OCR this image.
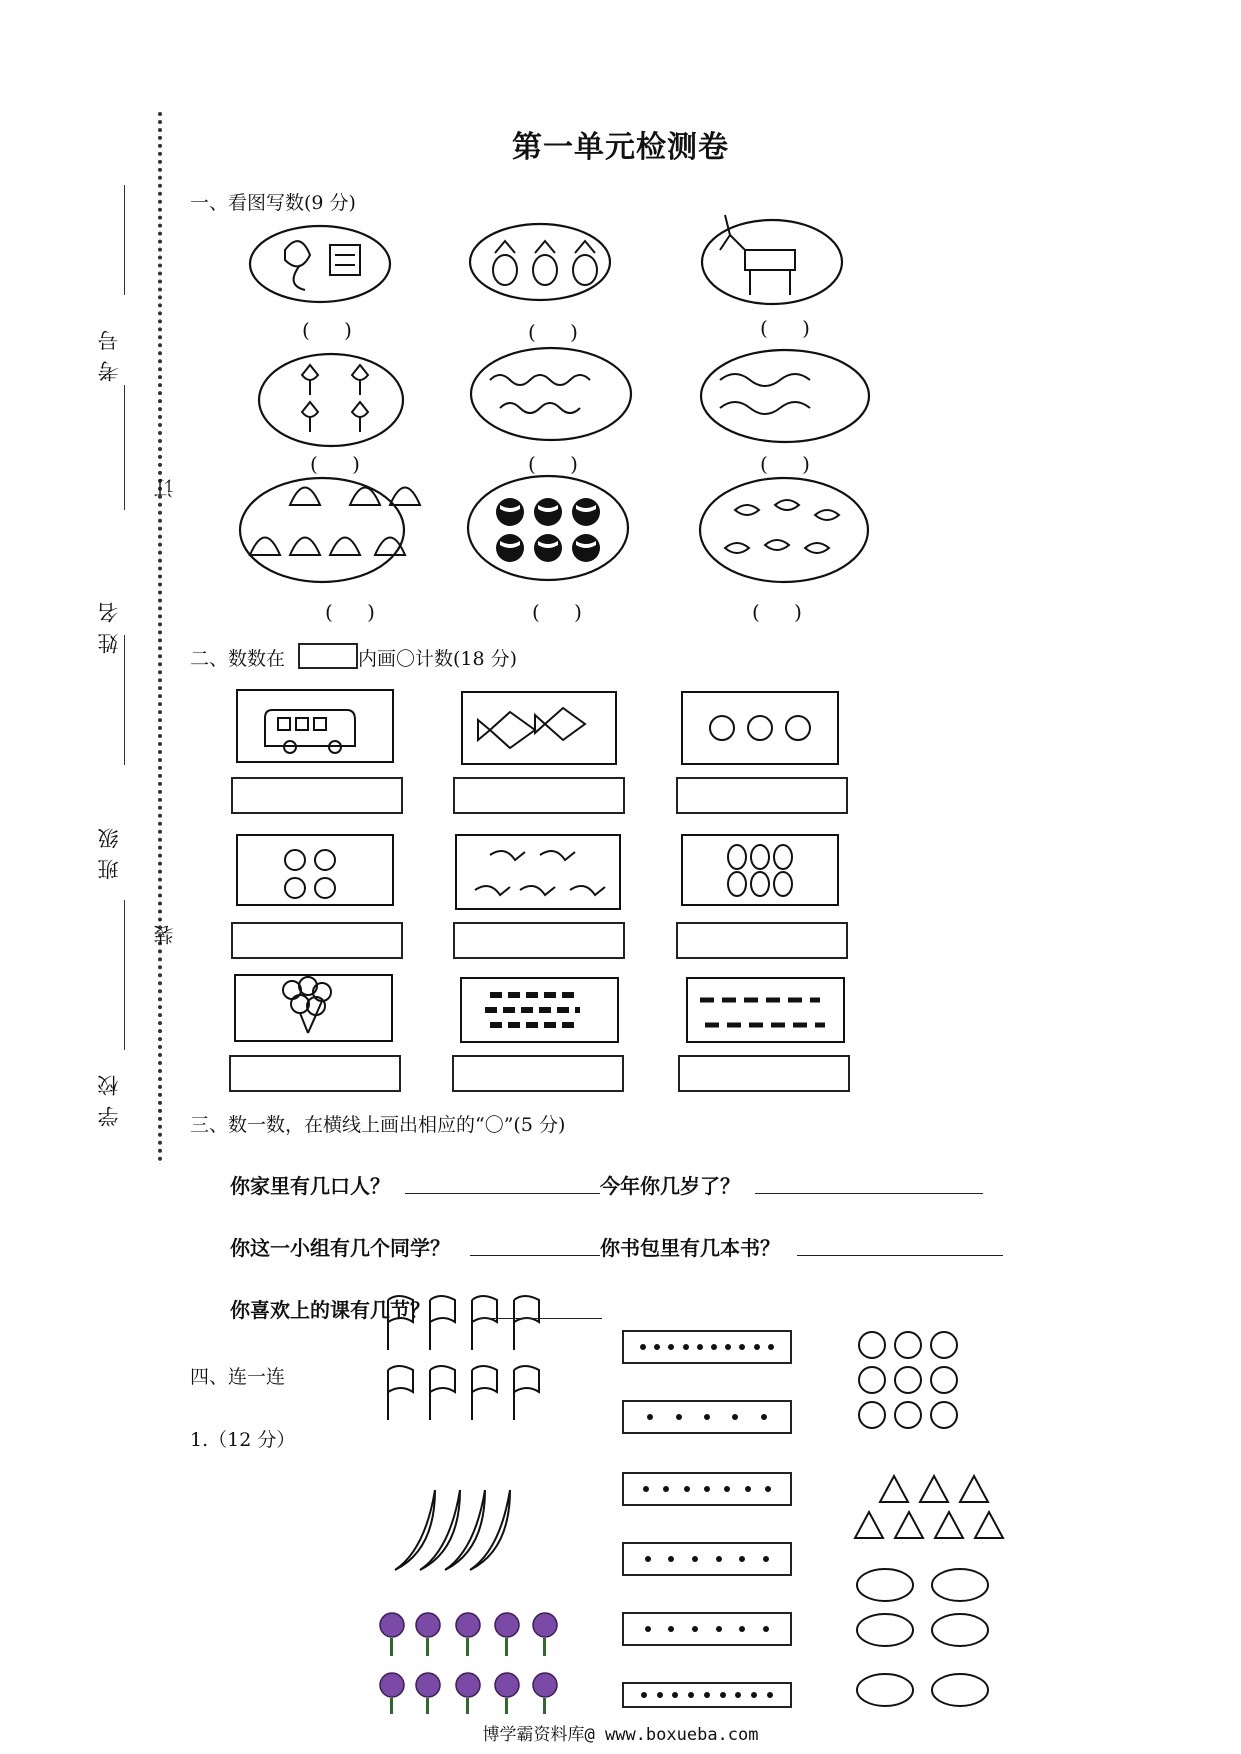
第一单元检测卷
考号
姓名
班级
学校
订
装
一、看图写数(9 分)
( )	( )	( )
( )	( )	( )
( )	( )	( )
二、数数在	内画〇计数(18 分)
三、数一数，在横线上画出相应的“〇”(5 分)
你家里有几口人？	今年你几岁了？
你这一小组有几个同学？	你书包里有几本书？
你喜欢上的课有几节？
四、连一连
1.（12 分）
博学霸资料库@ www.boxueba.com
